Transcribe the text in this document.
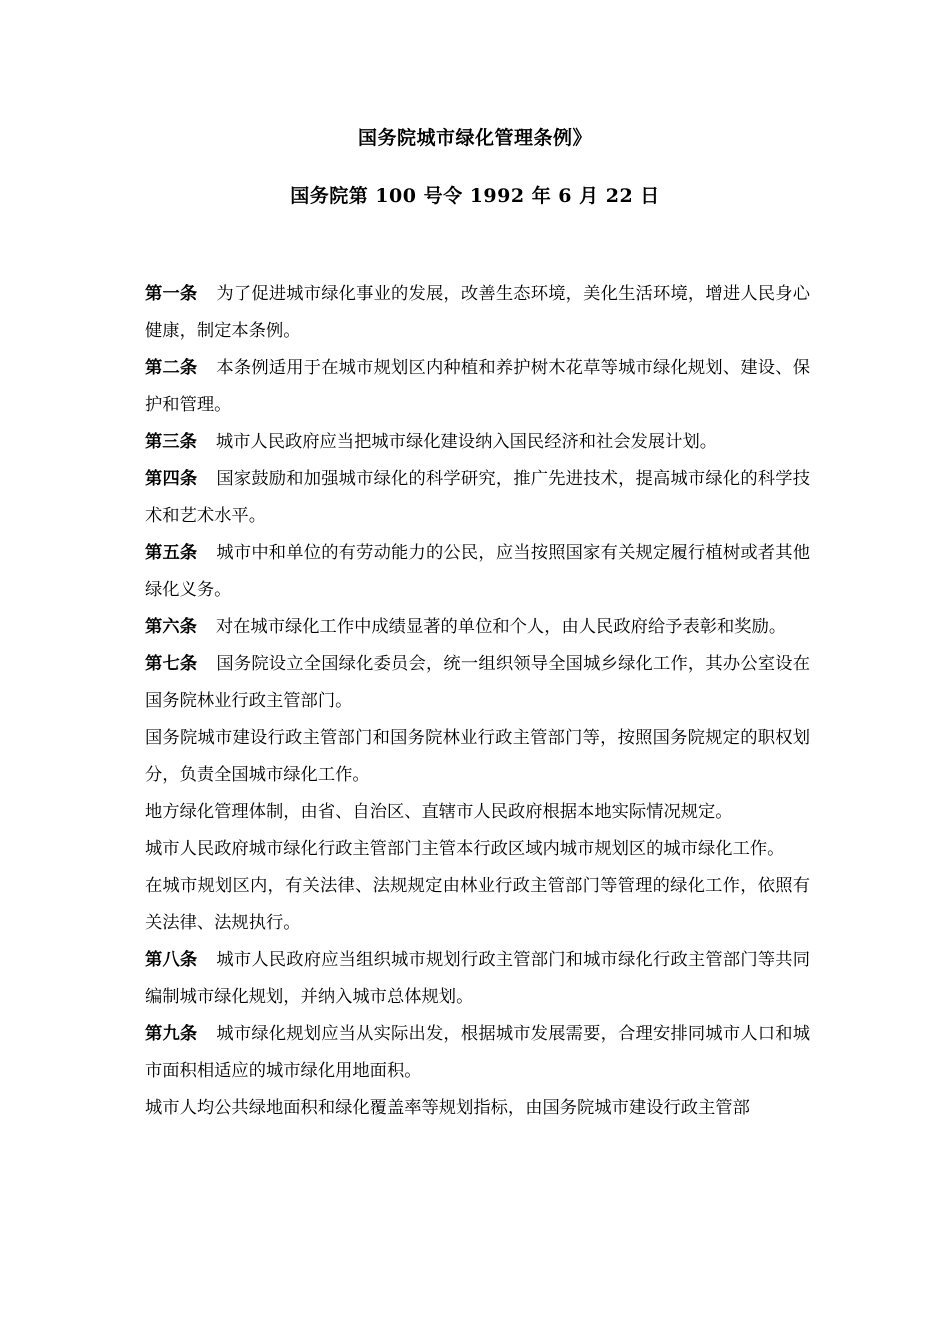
国务院城市绿化管理条例》
国务院第 100 号令 1992 年 6 月 22 日

第一条 为了促进城市绿化事业的发展，改善生态环境，美化生活环境，增进人民身心健康，制定本条例。

第二条 本条例适用于在城市规划区内种植和养护树木花草等城市绿化规划、建设、保护和管理。

第三条 城市人民政府应当把城市绿化建设纳入国民经济和社会发展计划。

第四条 国家鼓励和加强城市绿化的科学研究，推广先进技术，提高城市绿化的科学技术和艺术水平。

第五条 城市中和单位的有劳动能力的公民，应当按照国家有关规定履行植树或者其他绿化义务。

第六条 对在城市绿化工作中成绩显著的单位和个人，由人民政府给予表彰和奖励。

第七条 国务院设立全国绿化委员会，统一组织领导全国城乡绿化工作，其办公室设在国务院林业行政主管部门。

国务院城市建设行政主管部门和国务院林业行政主管部门等，按照国务院规定的职权划分，负责全国城市绿化工作。

地方绿化管理体制，由省、自治区、直辖市人民政府根据本地实际情况规定。

城市人民政府城市绿化行政主管部门主管本行政区域内城市规划区的城市绿化工作。

在城市规划区内，有关法律、法规规定由林业行政主管部门等管理的绿化工作，依照有关法律、法规执行。

第八条 城市人民政府应当组织城市规划行政主管部门和城市绿化行政主管部门等共同编制城市绿化规划，并纳入城市总体规划。

第九条 城市绿化规划应当从实际出发，根据城市发展需要，合理安排同城市人口和城市面积相适应的城市绿化用地面积。

城市人均公共绿地面积和绿化覆盖率等规划指标，由国务院城市建设行政主管部
